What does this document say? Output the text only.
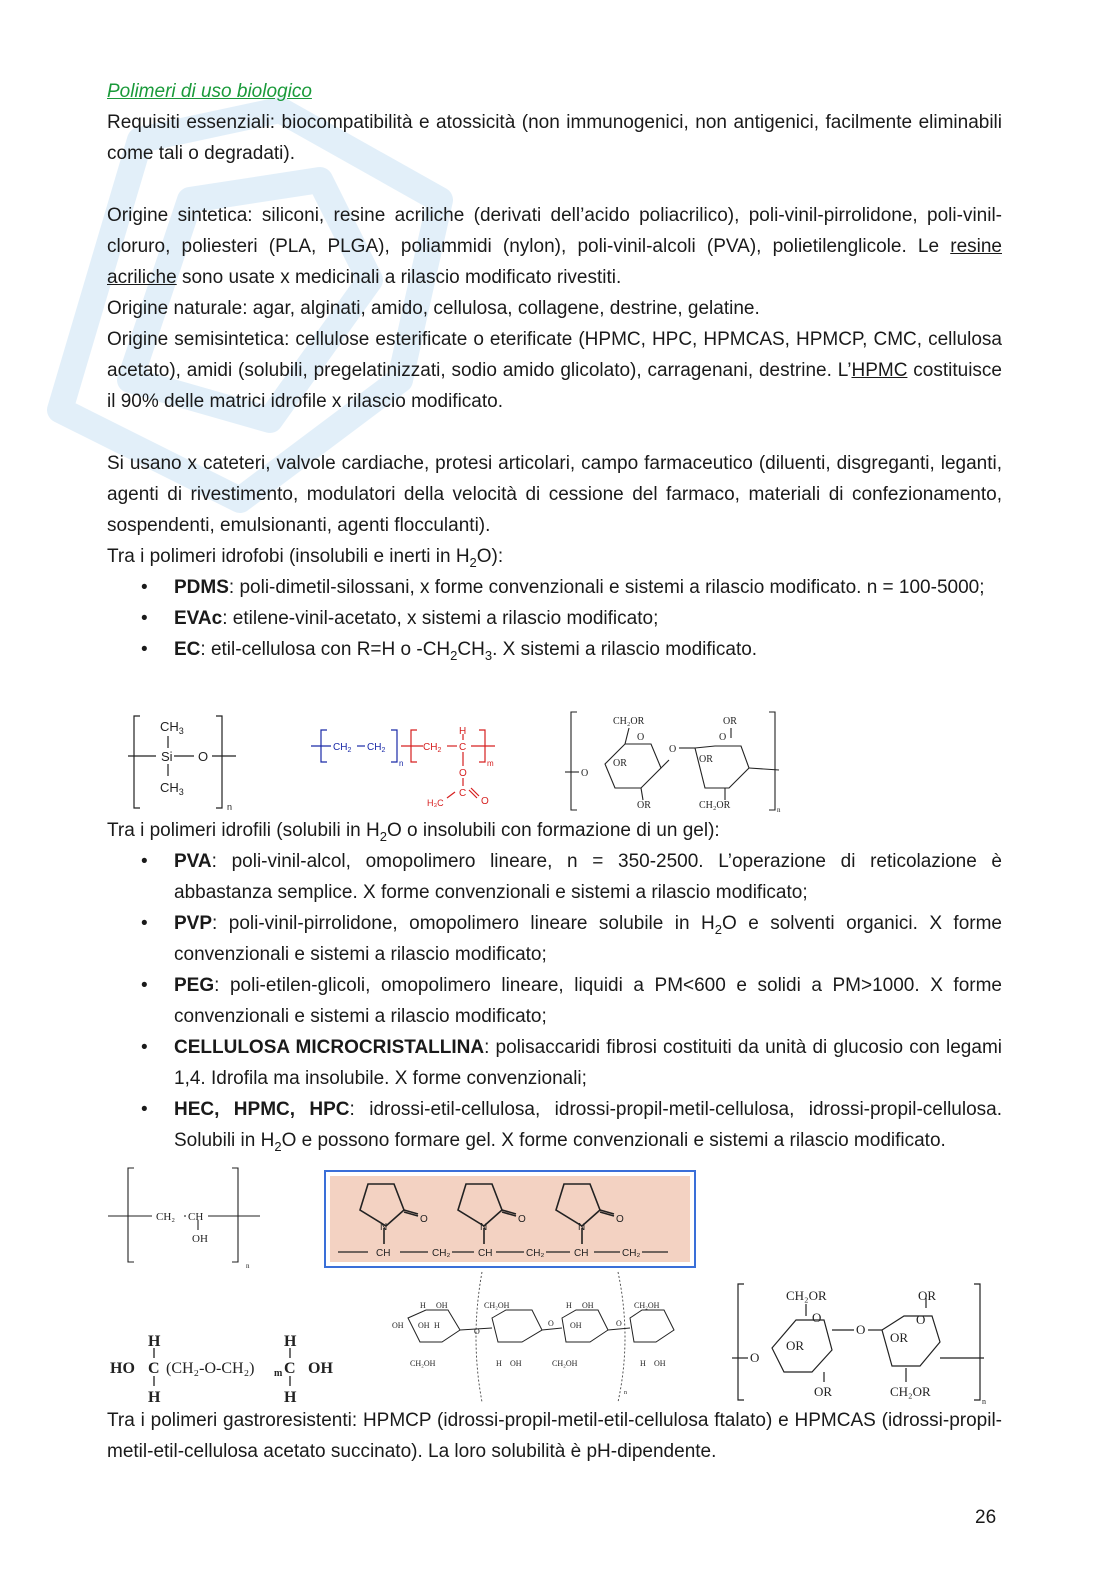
Polimeri di uso biologico
Requisiti essenziali: biocompatibilità e atossicità (non immunogenici, non antigenici, facilmente eliminabili come tali o degradati).
Origine sintetica: siliconi, resine acriliche (derivati dell’acido poliacrilico), poli-vinil-pirrolidone, poli-vinil-cloruro, poliesteri (PLA, PLGA), poliammidi (nylon), poli-vinil-alcoli (PVA), polietilenglicole. Le resine acriliche sono usate x medicinali a rilascio modificato rivestiti.
Origine naturale: agar, alginati, amido, cellulosa, collagene, destrine, gelatine.
Origine semisintetica: cellulose esterificate o eterificate (HPMC, HPC, HPMCAS, HPMCP, CMC, cellulosa acetato), amidi (solubili, pregelatinizzati, sodio amido glicolato), carragenani, destrine. L’HPMC costituisce il 90% delle matrici idrofile x rilascio modificato.
Si usano x cateteri, valvole cardiache, protesi articolari, campo farmaceutico (diluenti, disgreganti, leganti, agenti di rivestimento, modulatori della velocità di cessione del farmaco, materiali di confezionamento, sospendenti, emulsionanti, agenti flocculanti).
Tra i polimeri idrofobi (insolubili e inerti in $H_2O$):
• PDMS: poli-dimetil-silossani, x forme convenzionali e sistemi a rilascio modificato. n = 100-5000;
• EVAc: etilene-vinil-acetato, x sistemi a rilascio modificato;
• EC: etil-cellulosa con R=H o $-CH_2CH_3$. X sistemi a rilascio modificato.
$CH_3$
Si O
$CH_3$
n
$CH_2$ $CH_2$
n
$CH_2$
H
C
O
m
H₃C
C
O
CH₂OR	OR
O
OR
O
O
OR
O
OR	CH₂OR	n
Tra i polimeri idrofili (solubili in $H_2O$ o insolubili con formazione di un gel):
• PVA: poli-vinil-alcol, omopolimero lineare, n = 350-2500. L’operazione di reticolazione è abbastanza semplice. X forme convenzionali e sistemi a rilascio modificato;
• PVP: poli-vinil-pirrolidone, omopolimero lineare solubile in $H_2O$ e solventi organici. X forme convenzionali e sistemi a rilascio modificato;
• PEG: poli-etilen-glicoli, omopolimero lineare, liquidi a PM<600 e solidi a PM>1000. X forme convenzionali e sistemi a rilascio modificato;
• CELLULOSA MICROCRISTALLINA: polisaccaridi fibrosi costituiti da unità di glucosio con legami 1,4. Idrofila ma insolubile. X forme convenzionali;
• HEC, HPMC, HPC: idrossi-etil-cellulosa, idrossi-propil-metil-cellulosa, idrossi-propil-cellulosa. Solubili in $H_2O$ e possono formare gel. X forme convenzionali e sistemi a rilascio modificato.
CH₂ CH
OH
n
N
O
N
O
N
O
CH	CH₂	CH	CH₂	CH	CH₂
H
HO C (CH₂-O-CH₂) m C OH
H
H
H
H OH
OH OH H
CH₂OH
CH₂OH
H OH
H OH
OH
CH₂OH
CH₂OH
H OH
O
O	O
n
CH₂OR	OR
O
OR
O
O
OR
O
OR	CH₂OR
n
Tra i polimeri gastroresistenti: HPMCP (idrossi-propil-metil-etil-cellulosa ftalato) e HPMCAS (idrossi-propil-metil-etil-cellulosa acetato succinato). La loro solubilità è pH-dipendente.
26
